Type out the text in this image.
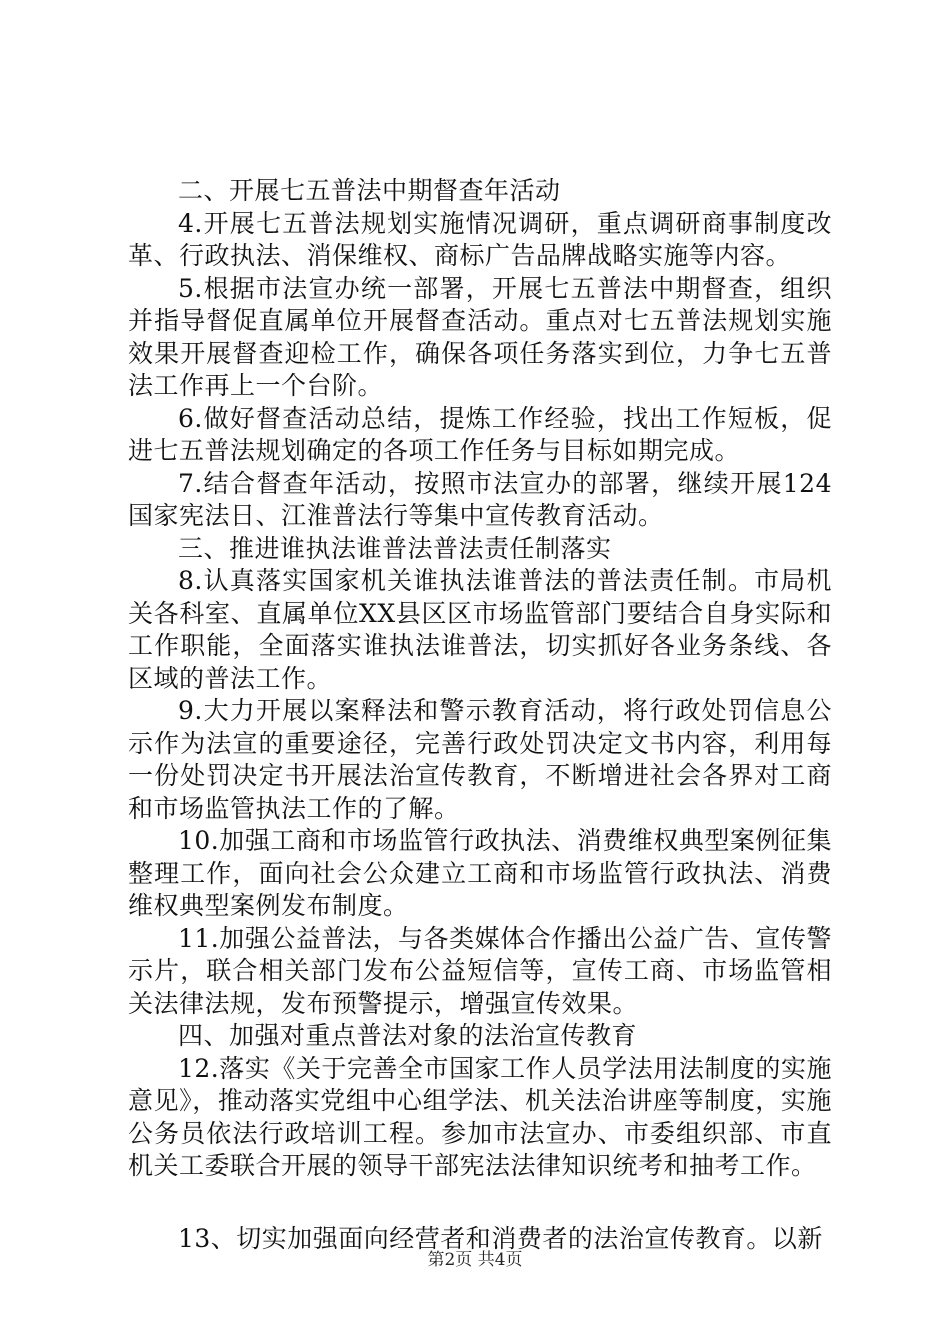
二、开展七五普法中期督查年活动

4.开展七五普法规划实施情况调研，重点调研商事制度改革、行政执法、消保维权、商标广告品牌战略实施等内容。

5.根据市法宣办统一部署，开展七五普法中期督查，组织并指导督促直属单位开展督查活动。重点对七五普法规划实施效果开展督查迎检工作，确保各项任务落实到位，力争七五普法工作再上一个台阶。

6.做好督查活动总结，提炼工作经验，找出工作短板，促进七五普法规划确定的各项工作任务与目标如期完成。

7.结合督查年活动，按照市法宣办的部署，继续开展124国家宪法日、江淮普法行等集中宣传教育活动。

三、推进谁执法谁普法普法责任制落实

8.认真落实国家机关谁执法谁普法的普法责任制。市局机关各科室、直属单位XX县区区市场监管部门要结合自身实际和工作职能，全面落实谁执法谁普法，切实抓好各业务条线、各区域的普法工作。

9.大力开展以案释法和警示教育活动，将行政处罚信息公示作为法宣的重要途径，完善行政处罚决定文书内容，利用每一份处罚决定书开展法治宣传教育，不断增进社会各界对工商和市场监管执法工作的了解。

10.加强工商和市场监管行政执法、消费维权典型案例征集整理工作，面向社会公众建立工商和市场监管行政执法、消费维权典型案例发布制度。

11.加强公益普法，与各类媒体合作播出公益广告、宣传警示片，联合相关部门发布公益短信等，宣传工商、市场监管相关法律法规，发布预警提示，增强宣传效果。

四、加强对重点普法对象的法治宣传教育

12.落实《关于完善全市国家工作人员学法用法制度的实施意见》，推动落实党组中心组学法、机关法治讲座等制度，实施公务员依法行政培训工程。参加市法宣办、市委组织部、市直机关工委联合开展的领导干部宪法法律知识统考和抽考工作。

13、切实加强面向经营者和消费者的法治宣传教育。以新

第2页 共4页
